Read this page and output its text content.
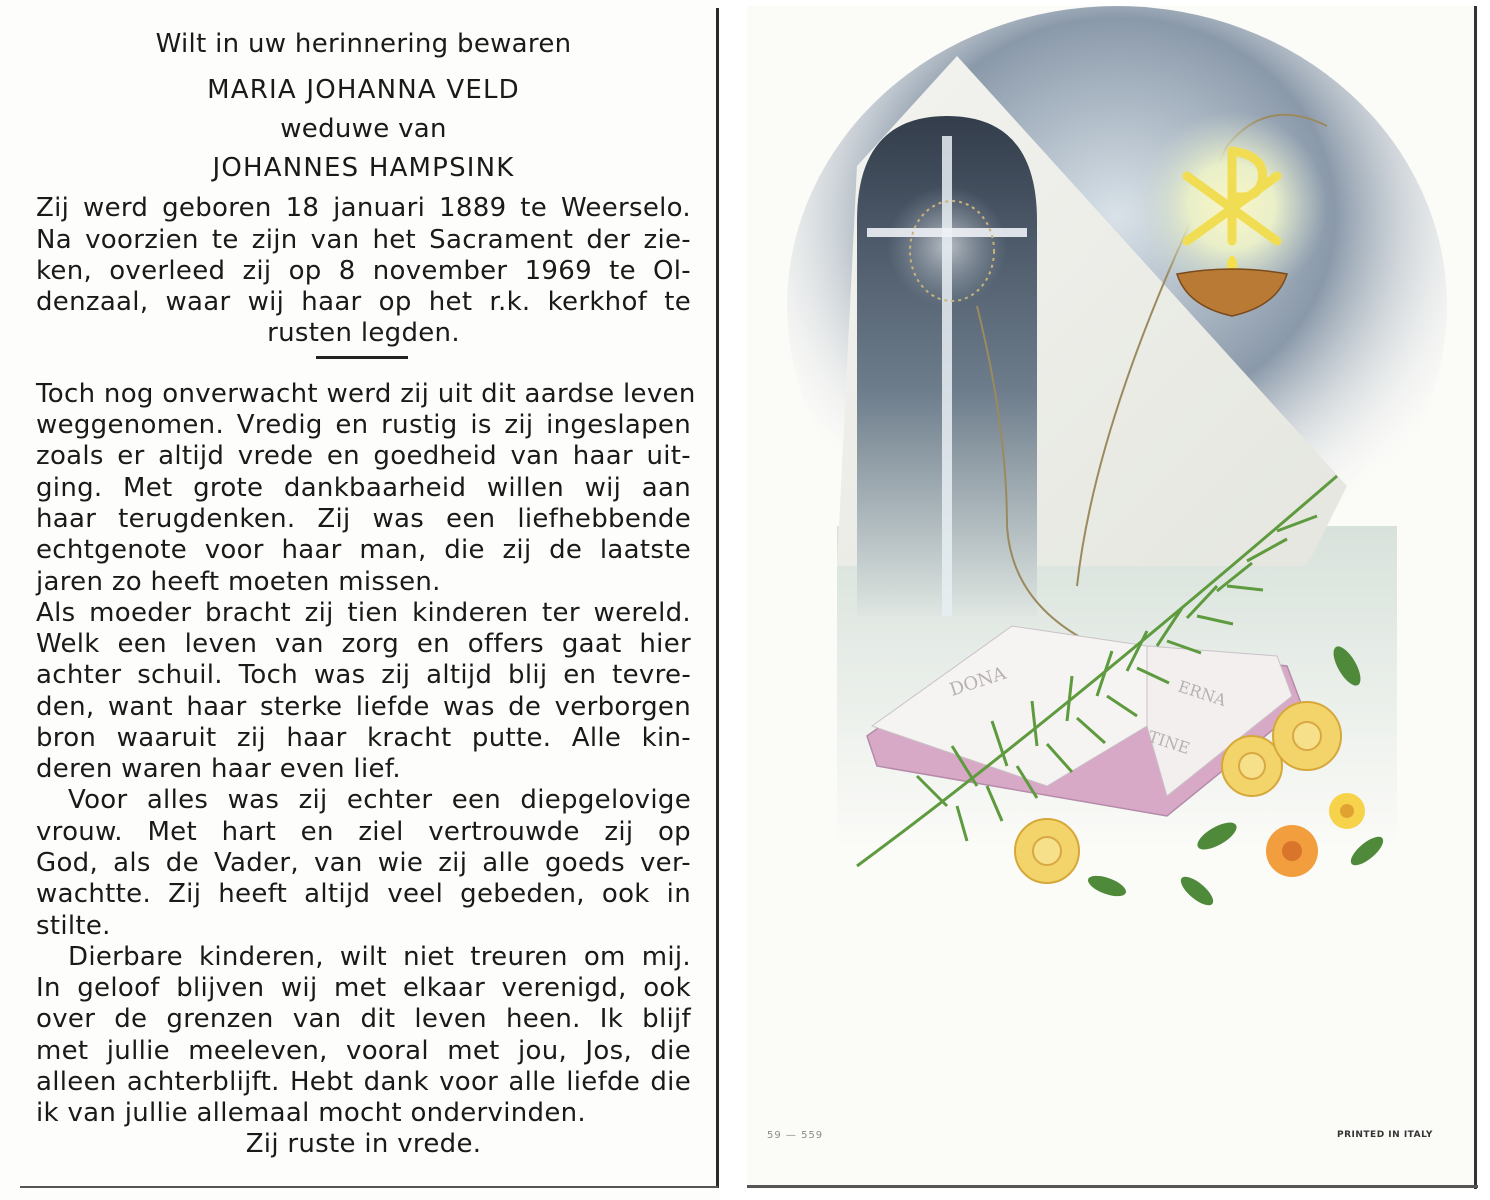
Wilt in uw herinnering bewaren
MARIA JOHANNA VELD
weduwe van
JOHANNES HAMPSINK
Zij werd geboren 18 januari 1889 te Weerselo.
Na voorzien te zijn van het Sacrament der zie-
ken, overleed zij op 8 november 1969 te Ol-
denzaal, waar wij haar op het r.k. kerkhof te
rusten legden.
Toch nog onverwacht werd zij uit dit aardse leven
weggenomen. Vredig en rustig is zij ingeslapen
zoals er altijd vrede en goedheid van haar uit-
ging. Met grote dankbaarheid willen wij aan
haar terugdenken. Zij was een liefhebbende
echtgenote voor haar man, die zij de laatste
jaren zo heeft moeten missen.
Als moeder bracht zij tien kinderen ter wereld.
Welk een leven van zorg en offers gaat hier
achter schuil. Toch was zij altijd blij en tevre-
den, want haar sterke liefde was de verborgen
bron waaruit zij haar kracht putte. Alle kin-
deren waren haar even lief.
Voor alles was zij echter een diepgelovige
vrouw. Met hart en ziel vertrouwde zij op
God, als de Vader, van wie zij alle goeds ver-
wachtte. Zij heeft altijd veel gebeden, ook in
stilte.
Dierbare kinderen, wilt niet treuren om mij.
In geloof blijven wij met elkaar verenigd, ook
over de grenzen van dit leven heen. Ik blijf
met jullie meeleven, vooral met jou, Jos, die
alleen achterblijft. Hebt dank voor alle liefde die
ik van jullie allemaal mocht ondervinden.
Zij ruste in vrede.
DONA	ERNA
TINE
59 — 559	PRINTED IN ITALY
